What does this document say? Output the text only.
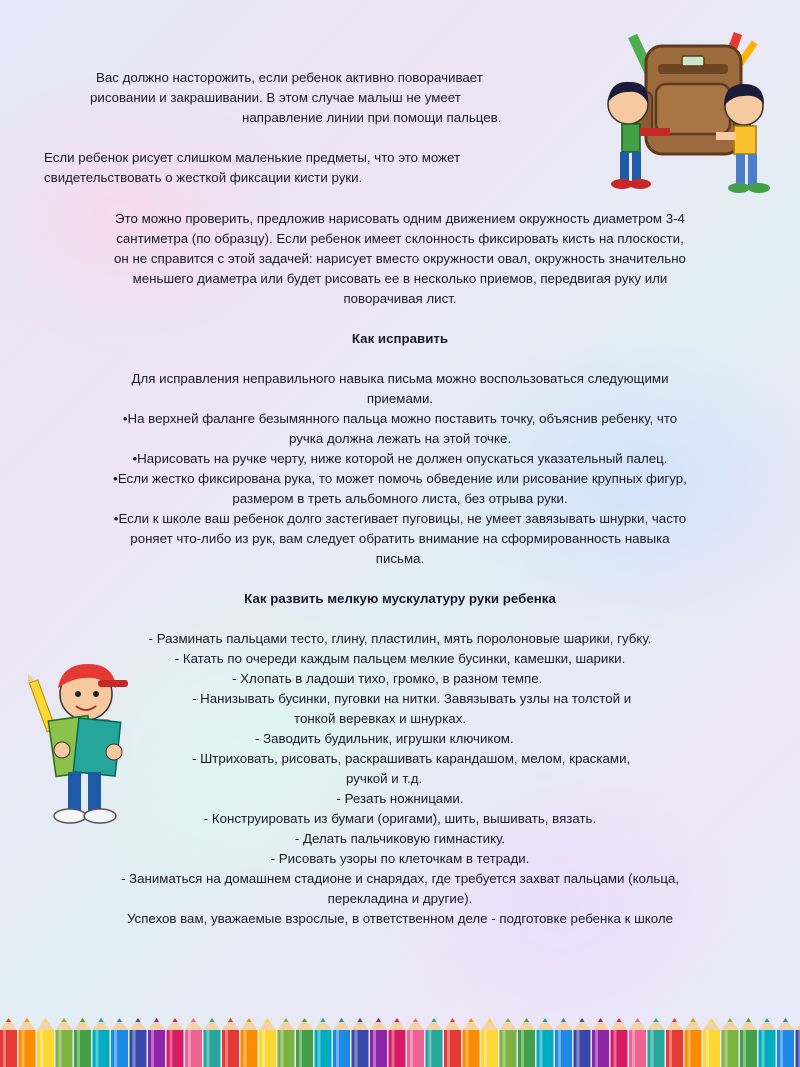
Вас должно насторожить, если ребенок активно поворачивает
рисовании и закрашивании. В этом случае малыш не умеет
направление линии при помощи пальцев.
Если ребенок рисует слишком маленькие предметы, что это может
свидетельствовать о жесткой фиксации кисти руки.
Это можно проверить, предложив нарисовать одним движением окружность диаметром 3-4
сантиметра (по образцу). Если ребенок имеет склонность фиксировать кисть на плоскости,
он не справится с этой задачей: нарисует вместо окружности овал, окружность значительно
меньшего диаметра или будет рисовать ее в несколько приемов, передвигая руку или
поворачивая лист.
Как исправить
Для исправления неправильного навыка письма можно воспользоваться следующими
приемами.
•На верхней фаланге безымянного пальца можно поставить точку, объяснив ребенку, что
ручка должна лежать на этой точке.
•Нарисовать на ручке черту, ниже которой не должен опускаться указательный палец.
•Если жестко фиксирована рука, то может помочь обведение или рисование крупных фигур,
размером в треть альбомного листа, без отрыва руки.
•Если к школе ваш ребенок долго застегивает пуговицы, не умеет завязывать шнурки, часто
роняет что-либо из рук, вам следует обратить внимание на сформированность навыка
письма.
Как развить мелкую мускулатуру руки ребенка
- Разминать пальцами тесто, глину, пластилин, мять поролоновые шарики, губку.
- Катать по очереди каждым пальцем мелкие бусинки, камешки, шарики.
- Хлопать в ладоши тихо, громко, в разном темпе.
- Нанизывать бусинки, пуговки на нитки. Завязывать узлы на толстой и
тонкой веревках и шнурках.
- Заводить будильник, игрушки ключиком.
- Штриховать, рисовать, раскрашивать карандашом, мелом, красками,
ручкой и т.д.
- Резать ножницами.
- Конструировать из бумаги (оригами), шить, вышивать, вязать.
- Делать пальчиковую гимнастику.
- Рисовать узоры по клеточкам в тетради.
- Заниматься на домашнем стадионе и снарядах, где требуется захват пальцами (кольца,
перекладина и другие).
Успехов вам, уважаемые взрослые, в ответственном деле - подготовке ребенка к школе
